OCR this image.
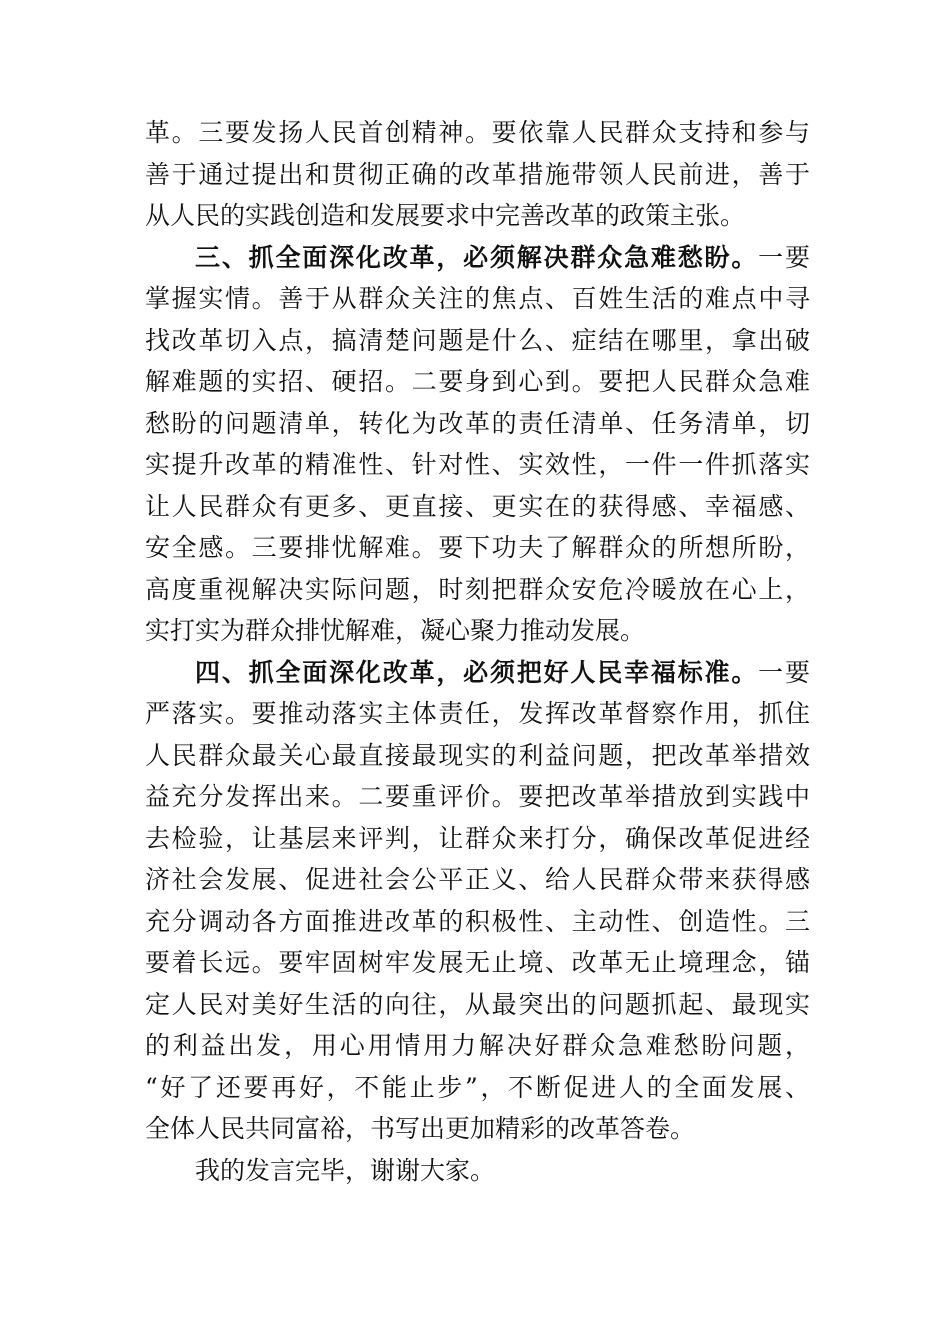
革。三要发扬人民首创精神。要依靠人民群众支持和参与
善于通过提出和贯彻正确的改革措施带领人民前进，善于
从人民的实践创造和发展要求中完善改革的政策主张。
三、抓全面深化改革，必须解决群众急难愁盼。一要
掌握实情。善于从群众关注的焦点、百姓生活的难点中寻
找改革切入点，搞清楚问题是什么、症结在哪里，拿出破
解难题的实招、硬招。二要身到心到。要把人民群众急难
愁盼的问题清单，转化为改革的责任清单、任务清单，切
实提升改革的精准性、针对性、实效性，一件一件抓落实
让人民群众有更多、更直接、更实在的获得感、幸福感、
安全感。三要排忧解难。要下功夫了解群众的所想所盼，
高度重视解决实际问题，时刻把群众安危冷暖放在心上，
实打实为群众排忧解难，凝心聚力推动发展。
四、抓全面深化改革，必须把好人民幸福标准。一要
严落实。要推动落实主体责任，发挥改革督察作用，抓住
人民群众最关心最直接最现实的利益问题，把改革举措效
益充分发挥出来。二要重评价。要把改革举措放到实践中
去检验，让基层来评判，让群众来打分，确保改革促进经
济社会发展、促进社会公平正义、给人民群众带来获得感
充分调动各方面推进改革的积极性、主动性、创造性。三
要着长远。要牢固树牢发展无止境、改革无止境理念，锚
定人民对美好生活的向往，从最突出的问题抓起、最现实
的利益出发，用心用情用力解决好群众急难愁盼问题，
“好了还要再好，不能止步”，不断促进人的全面发展、
全体人民共同富裕，书写出更加精彩的改革答卷。
我的发言完毕，谢谢大家。
